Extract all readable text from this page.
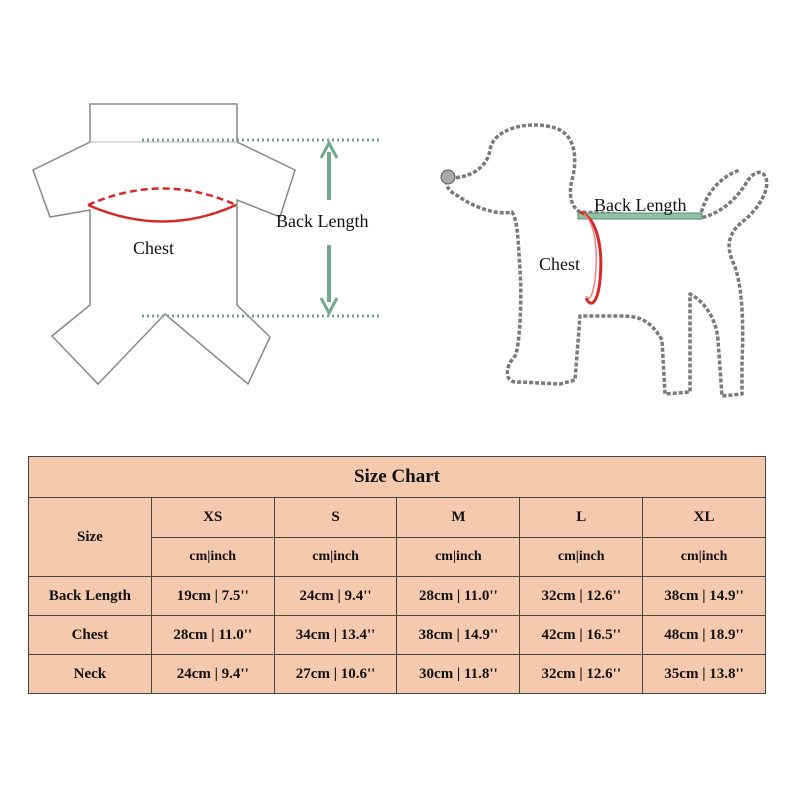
Chest
Back Length
Back Length
Chest
Size Chart					
Size	XS	S	M	L	XL
	cm|inch	cm|inch	cm|inch	cm|inch	cm|inch
Back Length	19cm | 7.5''	24cm | 9.4''	28cm | 11.0''	32cm | 12.6''	38cm | 14.9''
Chest	28cm | 11.0''	34cm | 13.4''	38cm | 14.9''	42cm | 16.5''	48cm | 18.9''
Neck	24cm | 9.4''	27cm | 10.6''	30cm | 11.8''	32cm | 12.6''	35cm | 13.8''
